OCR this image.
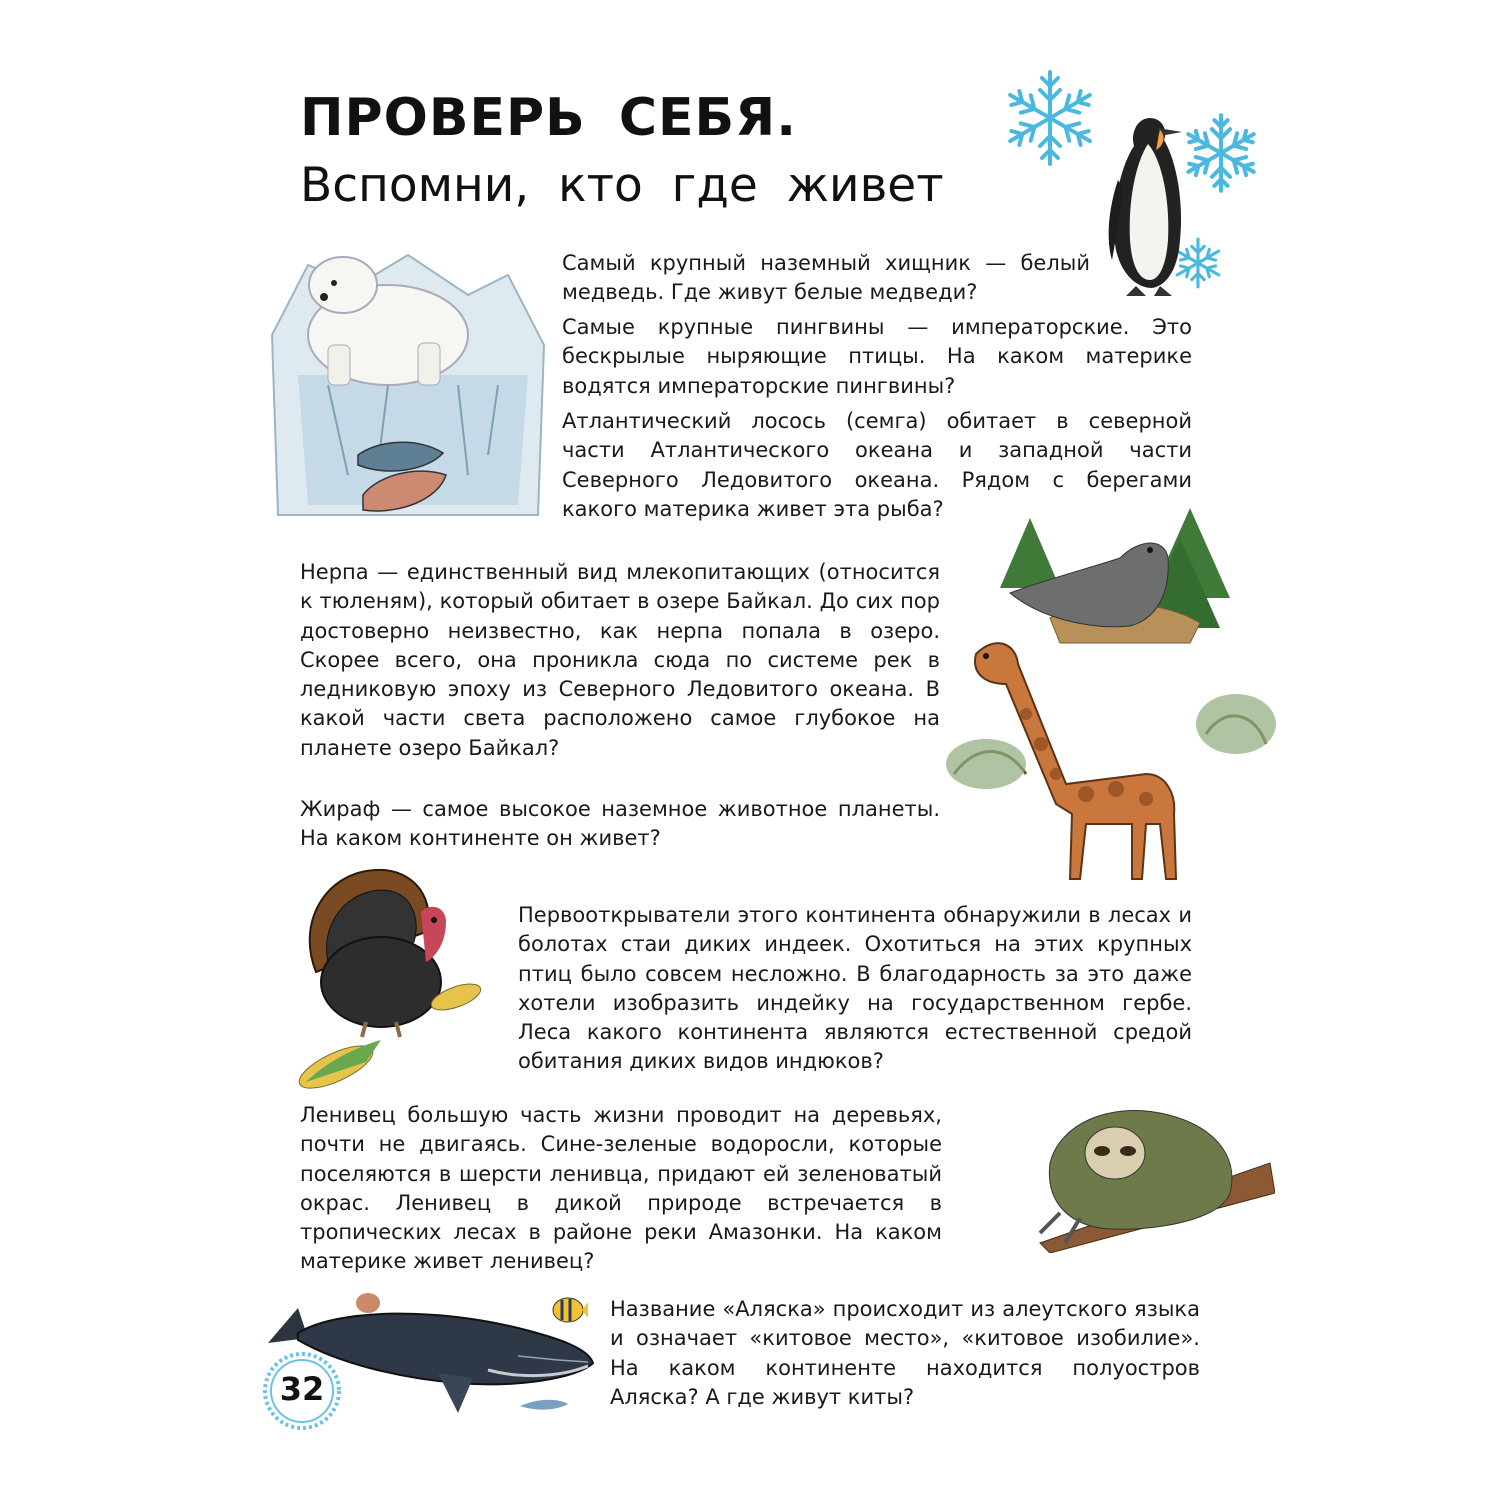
ПРОВЕРЬ СЕБЯ.
Вспомни, кто где живет
32

Самый крупный наземный хищник — белый медведь. Где живут белые медведи?

Самые крупные пингвины — императорские. Это бескрылые ныряющие птицы. На каком материке водятся императорские пингвины?

Атлантический лосось (семга) обитает в северной части Атлантического океана и западной части Северного Ледовитого океана. Рядом с берегами какого материка живет эта рыба?

Нерпа — единственный вид млекопитающих (относится к тюленям), который обитает в озере Байкал. До сих пор достоверно неизвестно, как нерпа попала в озеро. Скорее всего, она проникла сюда по системе рек в ледниковую эпоху из Северного Ледовитого океана. В какой части света расположено самое глубокое на планете озеро Байкал?

Жираф — самое высокое наземное животное планеты. На каком континенте он живет?

Первооткрыватели этого континента обнаружили в лесах и болотах стаи диких индеек. Охотиться на этих крупных птиц было совсем несложно. В благодарность за это даже хотели изобразить индейку на государственном гербе. Леса какого континента являются естественной средой обитания диких видов индюков?

Ленивец большую часть жизни проводит на деревьях, почти не двигаясь. Сине-зеленые водоросли, которые поселяются в шерсти ленивца, придают ей зеленоватый окрас. Ленивец в дикой природе встречается в тропических лесах в районе реки Амазонки. На каком материке живет ленивец?

Название «Аляска» происходит из алеутского языка и означает «китовое место», «китовое изобилие». На каком континенте находится полуостров Аляска? А где живут киты?
